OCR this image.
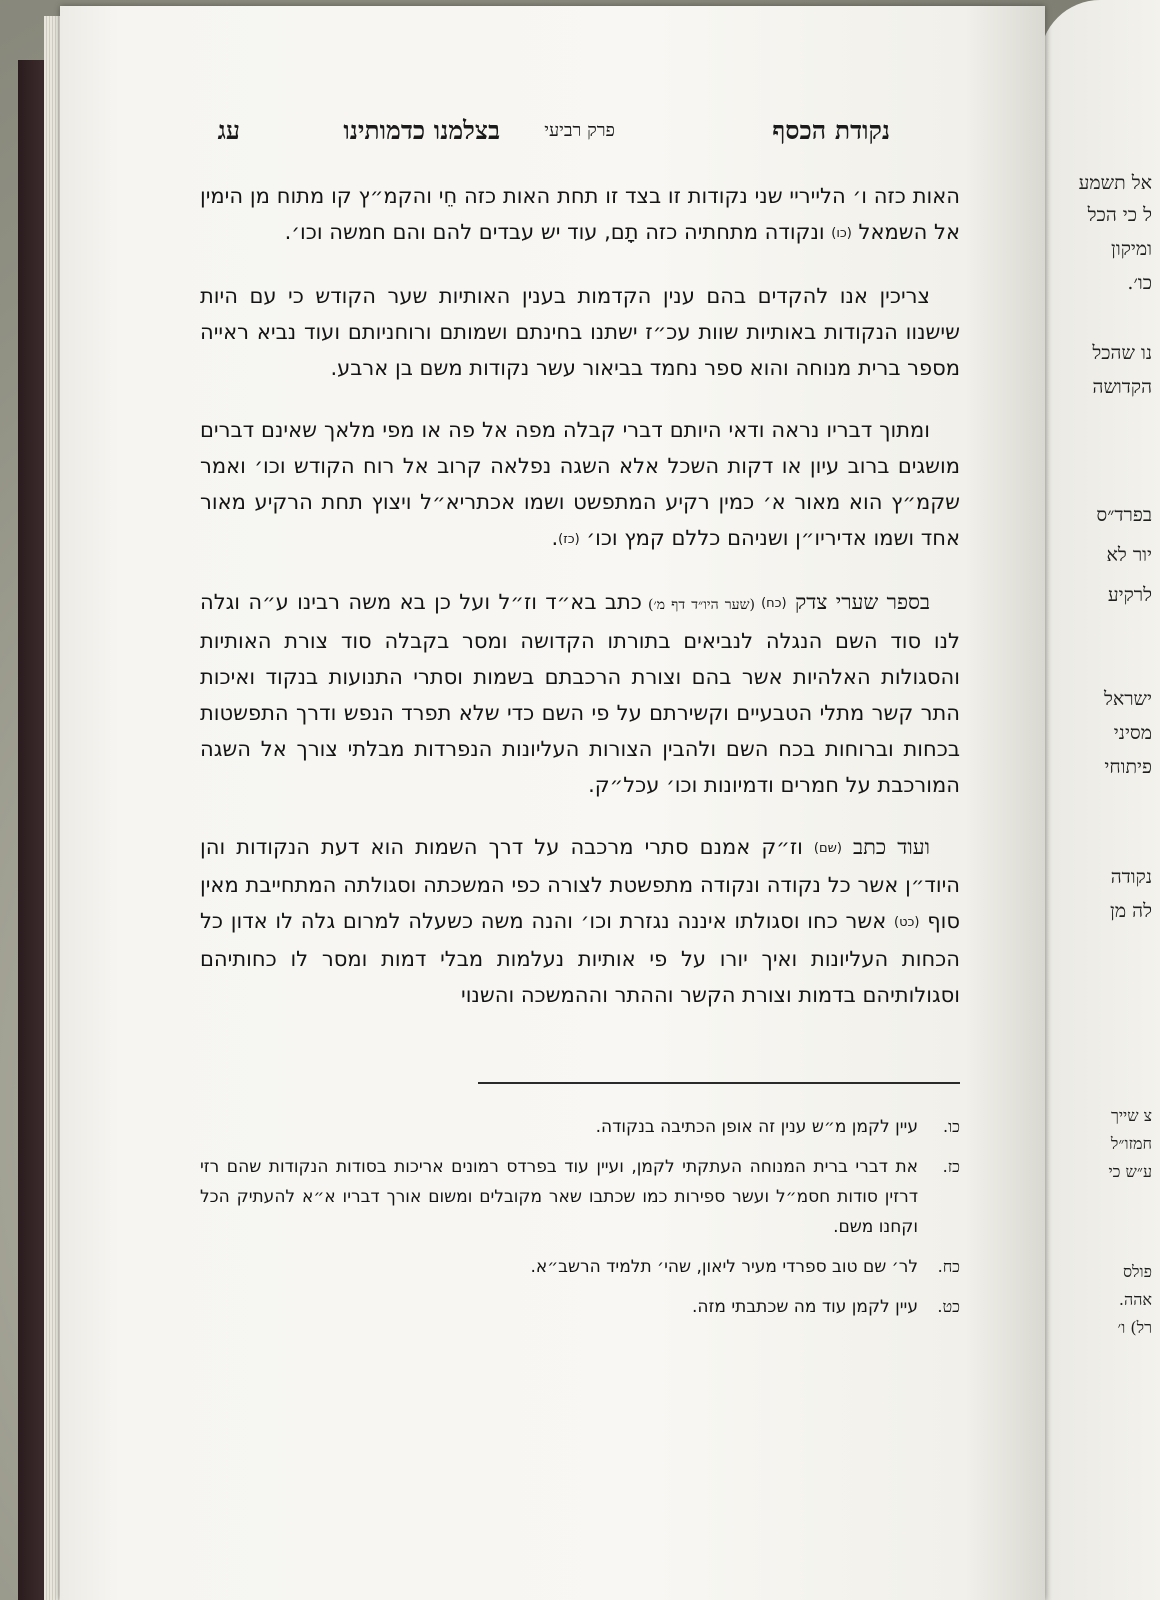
אל תשמע
ל כי הכל
ומיקון
כו׳.
נו שהכל
הקדושה
בפרד״ס
יור לא
לרקיע
ישראל
מסיני
פיתוחי
נקודה
לה מן
צ שייך
חמזו״ל
ע״ש כי
פולס
אהה.
רל) ו׳
נקודת הכסף
פרק רביעי
בצלמנו כדמותינו
עג

האות כזה ו׳ הלייריי שני נקודות זו בצד זו תחת האות כזה חֵי והקמ״ץ קו מתוח מן הימין אל השמאל (כו) ונקודה מתחתיה כזה תָם, עוד יש עבדים להם והם חמשה וכו׳.

צריכין אנו להקדים בהם ענין הקדמות בענין האותיות שער הקודש כי עם היות שישנוו הנקודות באותיות שוות עכ״ז ישתנו בחינתם ושמותם ורוחניותם ועוד נביא ראייה מספר ברית מנוחה והוא ספר נחמד בביאור עשר נקודות משם בן ארבע.

ומתוך דבריו נראה ודאי היותם דברי קבלה מפה אל פה או מפי מלאך שאינם דברים מושגים ברוב עיון או דקות השכל אלא השגה נפלאה קרוב אל רוח הקודש וכו׳ ואמר שקמ״ץ הוא מאור א׳ כמין רקיע המתפשט ושמו אכתריא״ל ויצוץ תחת הרקיע מאור אחד ושמו אדיריו״ן ושניהם כללם קמץ וכו׳ (כז).

בספר שערי צדק (כח) (שער היו״ד דף מ׳) כתב בא״ד וז״ל ועל כן בא משה רבינו ע״ה וגלה לנו סוד השם הנגלה לנביאים בתורתו הקדושה ומסר בקבלה סוד צורת האותיות והסגולות האלהיות אשר בהם וצורת הרכבתם בשמות וסתרי התנועות בנקוד ואיכות התר קשר מתלי הטבעיים וקשירתם על פי השם כדי שלא תפרד הנפש ודרך התפשטות בכחות וברוחות בכח השם ולהבין הצורות העליונות הנפרדות מבלתי צורך אל השגה המורכבת על חמרים ודמיונות וכו׳ עכל״ק.

ועוד כתב (שם) וז״ק אמנם סתרי מרכבה על דרך השמות הוא דעת הנקודות והן היוד״ן אשר כל נקודה ונקודה מתפשטת לצורה כפי המשכתה וסגולתה המתחייבת מאין סוף (כט) אשר כחו וסגולתו איננה נגזרת וכו׳ והנה משה כשעלה למרום גלה לו אדון כל הכחות העליונות ואיך יורו על פי אותיות נעלמות מבלי דמות ומסר לו כחותיהם וסגולותיהם בדמות וצורת הקשר וההתר וההמשכה והשנוי

כו.
עיין לקמן מ״ש ענין זה אופן הכתיבה בנקודה.
כז.
את דברי ברית המנוחה העתקתי לקמן, ועיין עוד בפרדס רמונים אריכות בסודות הנקודות שהם רזי דרזין סודות חסמ״ל ועשר ספירות כמו שכתבו שאר מקובלים ומשום אורך דבריו א״א להעתיק הכל וקחנו משם.
כח.
לר׳ שם טוב ספרדי מעיר ליאון, שהי׳ תלמיד הרשב״א.
כט.
עיין לקמן עוד מה שכתבתי מזה.
